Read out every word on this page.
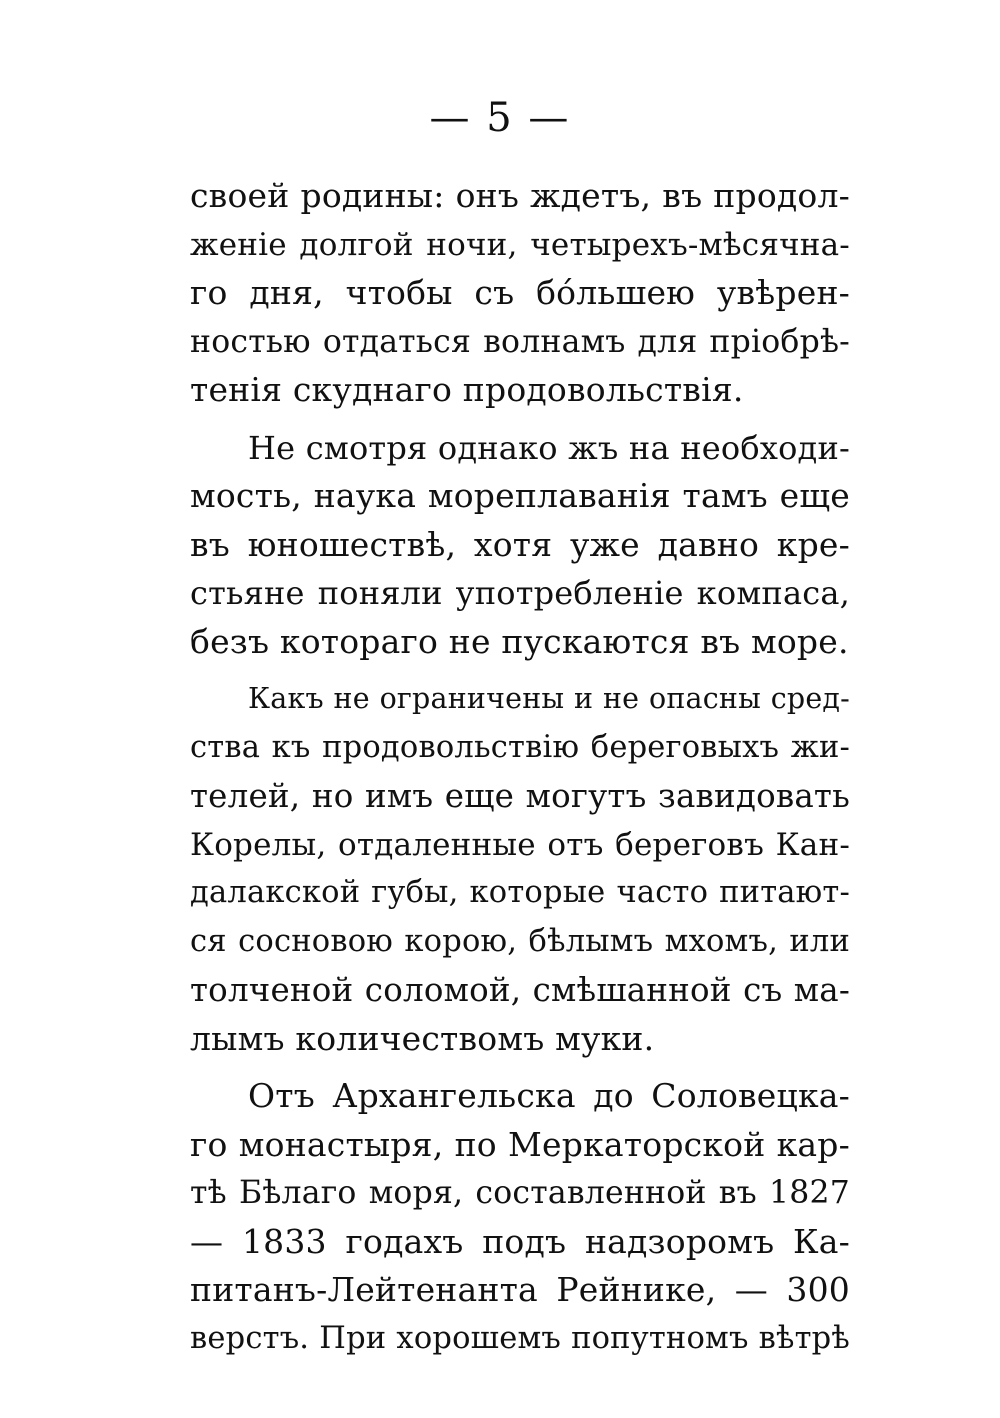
— 5 —
своей родины: онъ ждетъ, въ продол-
женіе долгой ночи, четырехъ-мѣсячна-
го дня, чтобы съ бо́льшею увѣрен-
ностью отдаться волнамъ для пріобрѣ-
тенія скуднаго продовольствія.
Не смотря однако жъ на необходи-
мость, наука мореплаванія тамъ еще
въ юношествѣ, хотя уже давно кре-
стьяне поняли употребленіе компаса,
безъ котораго не пускаются въ море.
Какъ не ограничены и не опасны сред-
ства къ продовольствію береговыхъ жи-
телей, но имъ еще могутъ завидовать
Корелы, отдаленные отъ береговъ Кан-
далакской губы, которые часто питают-
ся сосновою корою, бѣлымъ мхомъ, или
толченой соломой, смѣшанной съ ма-
лымъ количествомъ муки.
Отъ Архангельска до Соловецка-
го монастыря, по Меркаторской кар-
тѣ Бѣлаго моря, составленной въ 1827
— 1833 годахъ подъ надзоромъ Ка-
питанъ-Лейтенанта Рейнике, — 300
верстъ. При хорошемъ попутномъ вѣтрѣ
